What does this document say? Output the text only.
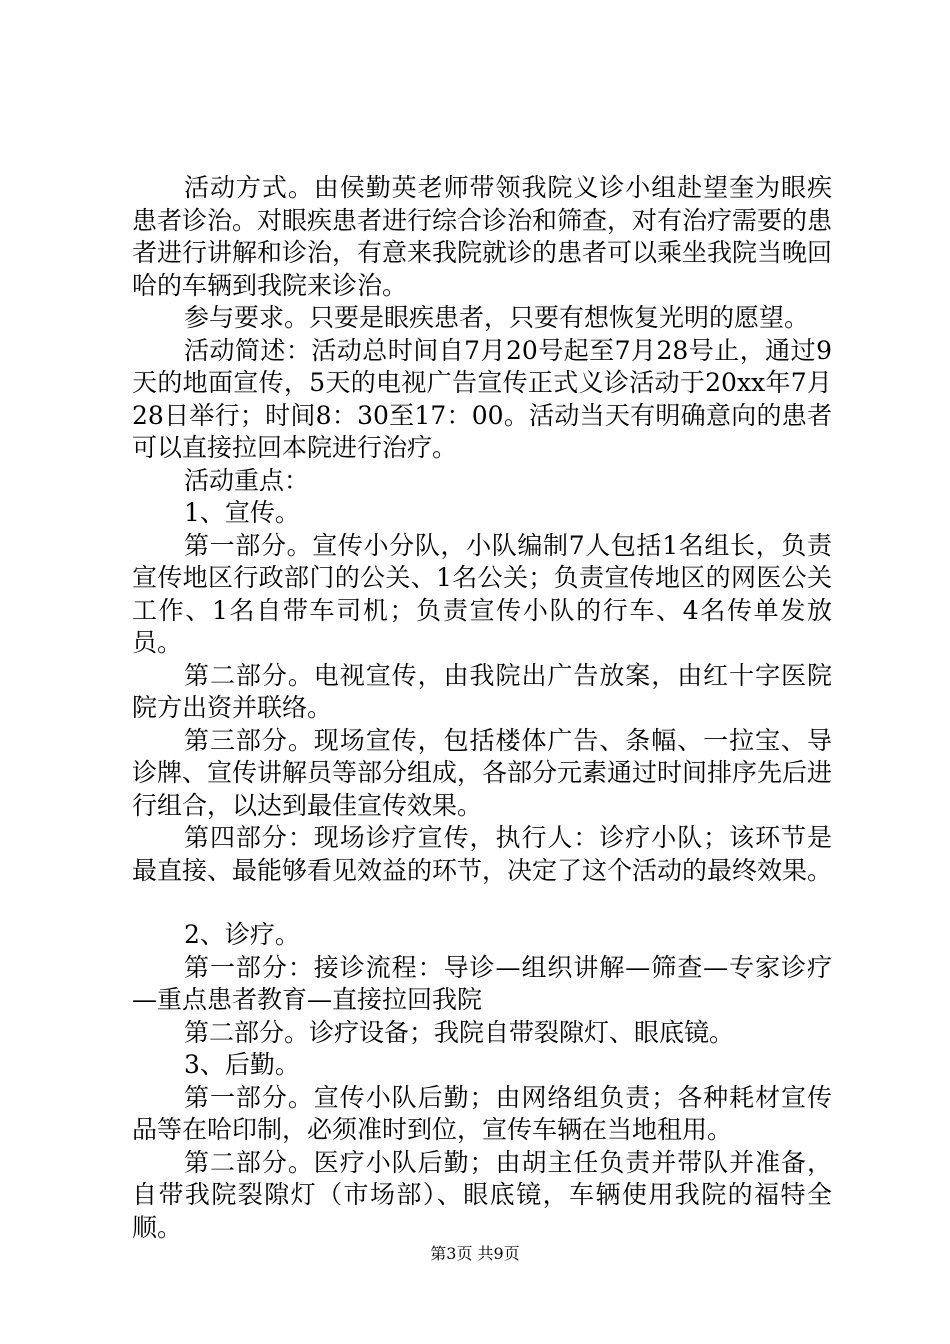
活动方式。由侯勤英老师带领我院义诊小组赴望奎为眼疾患者诊治。对眼疾患者进行综合诊治和筛查，对有治疗需要的患者进行讲解和诊治，有意来我院就诊的患者可以乘坐我院当晚回哈的车辆到我院来诊治。

参与要求。只要是眼疾患者，只要有想恢复光明的愿望。

活动简述：活动总时间自7月20号起至7月28号止，通过9天的地面宣传，5天的电视广告宣传正式义诊活动于20xx年7月28日举行；时间8：30至17：00。活动当天有明确意向的患者可以直接拉回本院进行治疗。

活动重点：

1、宣传。

第一部分。宣传小分队，小队编制7人包括1名组长，负责宣传地区行政部门的公关、1名公关；负责宣传地区的网医公关工作、1名自带车司机；负责宣传小队的行车、4名传单发放员。

第二部分。电视宣传，由我院出广告放案，由红十字医院院方出资并联络。

第三部分。现场宣传，包括楼体广告、条幅、一拉宝、导诊牌、宣传讲解员等部分组成，各部分元素通过时间排序先后进行组合，以达到最佳宣传效果。

第四部分：现场诊疗宣传，执行人：诊疗小队；该环节是最直接、最能够看见效益的环节，决定了这个活动的最终效果。

2、诊疗。

第一部分：接诊流程：导诊—组织讲解—筛查—专家诊疗—重点患者教育—直接拉回我院

第二部分。诊疗设备；我院自带裂隙灯、眼底镜。

3、后勤。

第一部分。宣传小队后勤；由网络组负责；各种耗材宣传品等在哈印制，必须准时到位，宣传车辆在当地租用。

第二部分。医疗小队后勤；由胡主任负责并带队并准备，自带我院裂隙灯（市场部）、眼底镜，车辆使用我院的福特全顺。

第3页 共9页
